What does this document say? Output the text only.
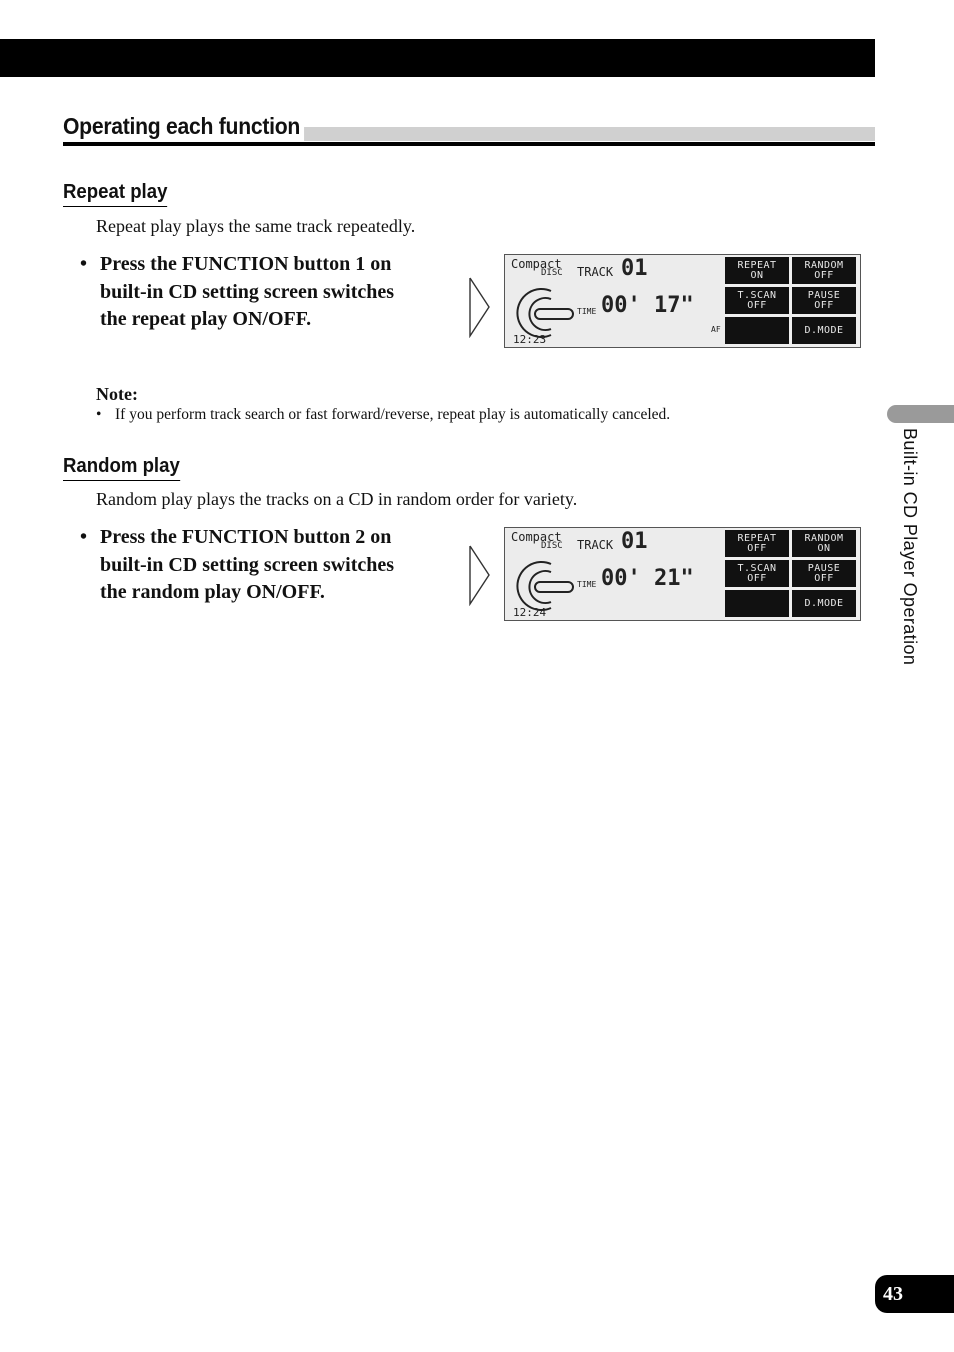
Operating each function
Repeat play
Repeat play plays the same track repeatedly.
• Press the FUNCTION button 1 on built-in CD setting screen switches the repeat play ON/OFF.
Compact
DISC TRACK 01
TIME 00' 17"
12:23
AF
REPEAT
ON
RANDOM
OFF
T.SCAN
OFF
PAUSE
OFF
D.MODE
Note:
• If you perform track search or fast forward/reverse, repeat play is automatically canceled.
Random play
Random play plays the tracks on a CD in random order for variety.
• Press the FUNCTION button 2 on built-in CD setting screen switches the random play ON/OFF.
Compact
DISC TRACK 01
TIME 00' 21"
12:24
REPEAT
OFF
RANDOM
ON
T.SCAN
OFF
PAUSE
OFF
D.MODE	Built-in CD Player Operation
43
